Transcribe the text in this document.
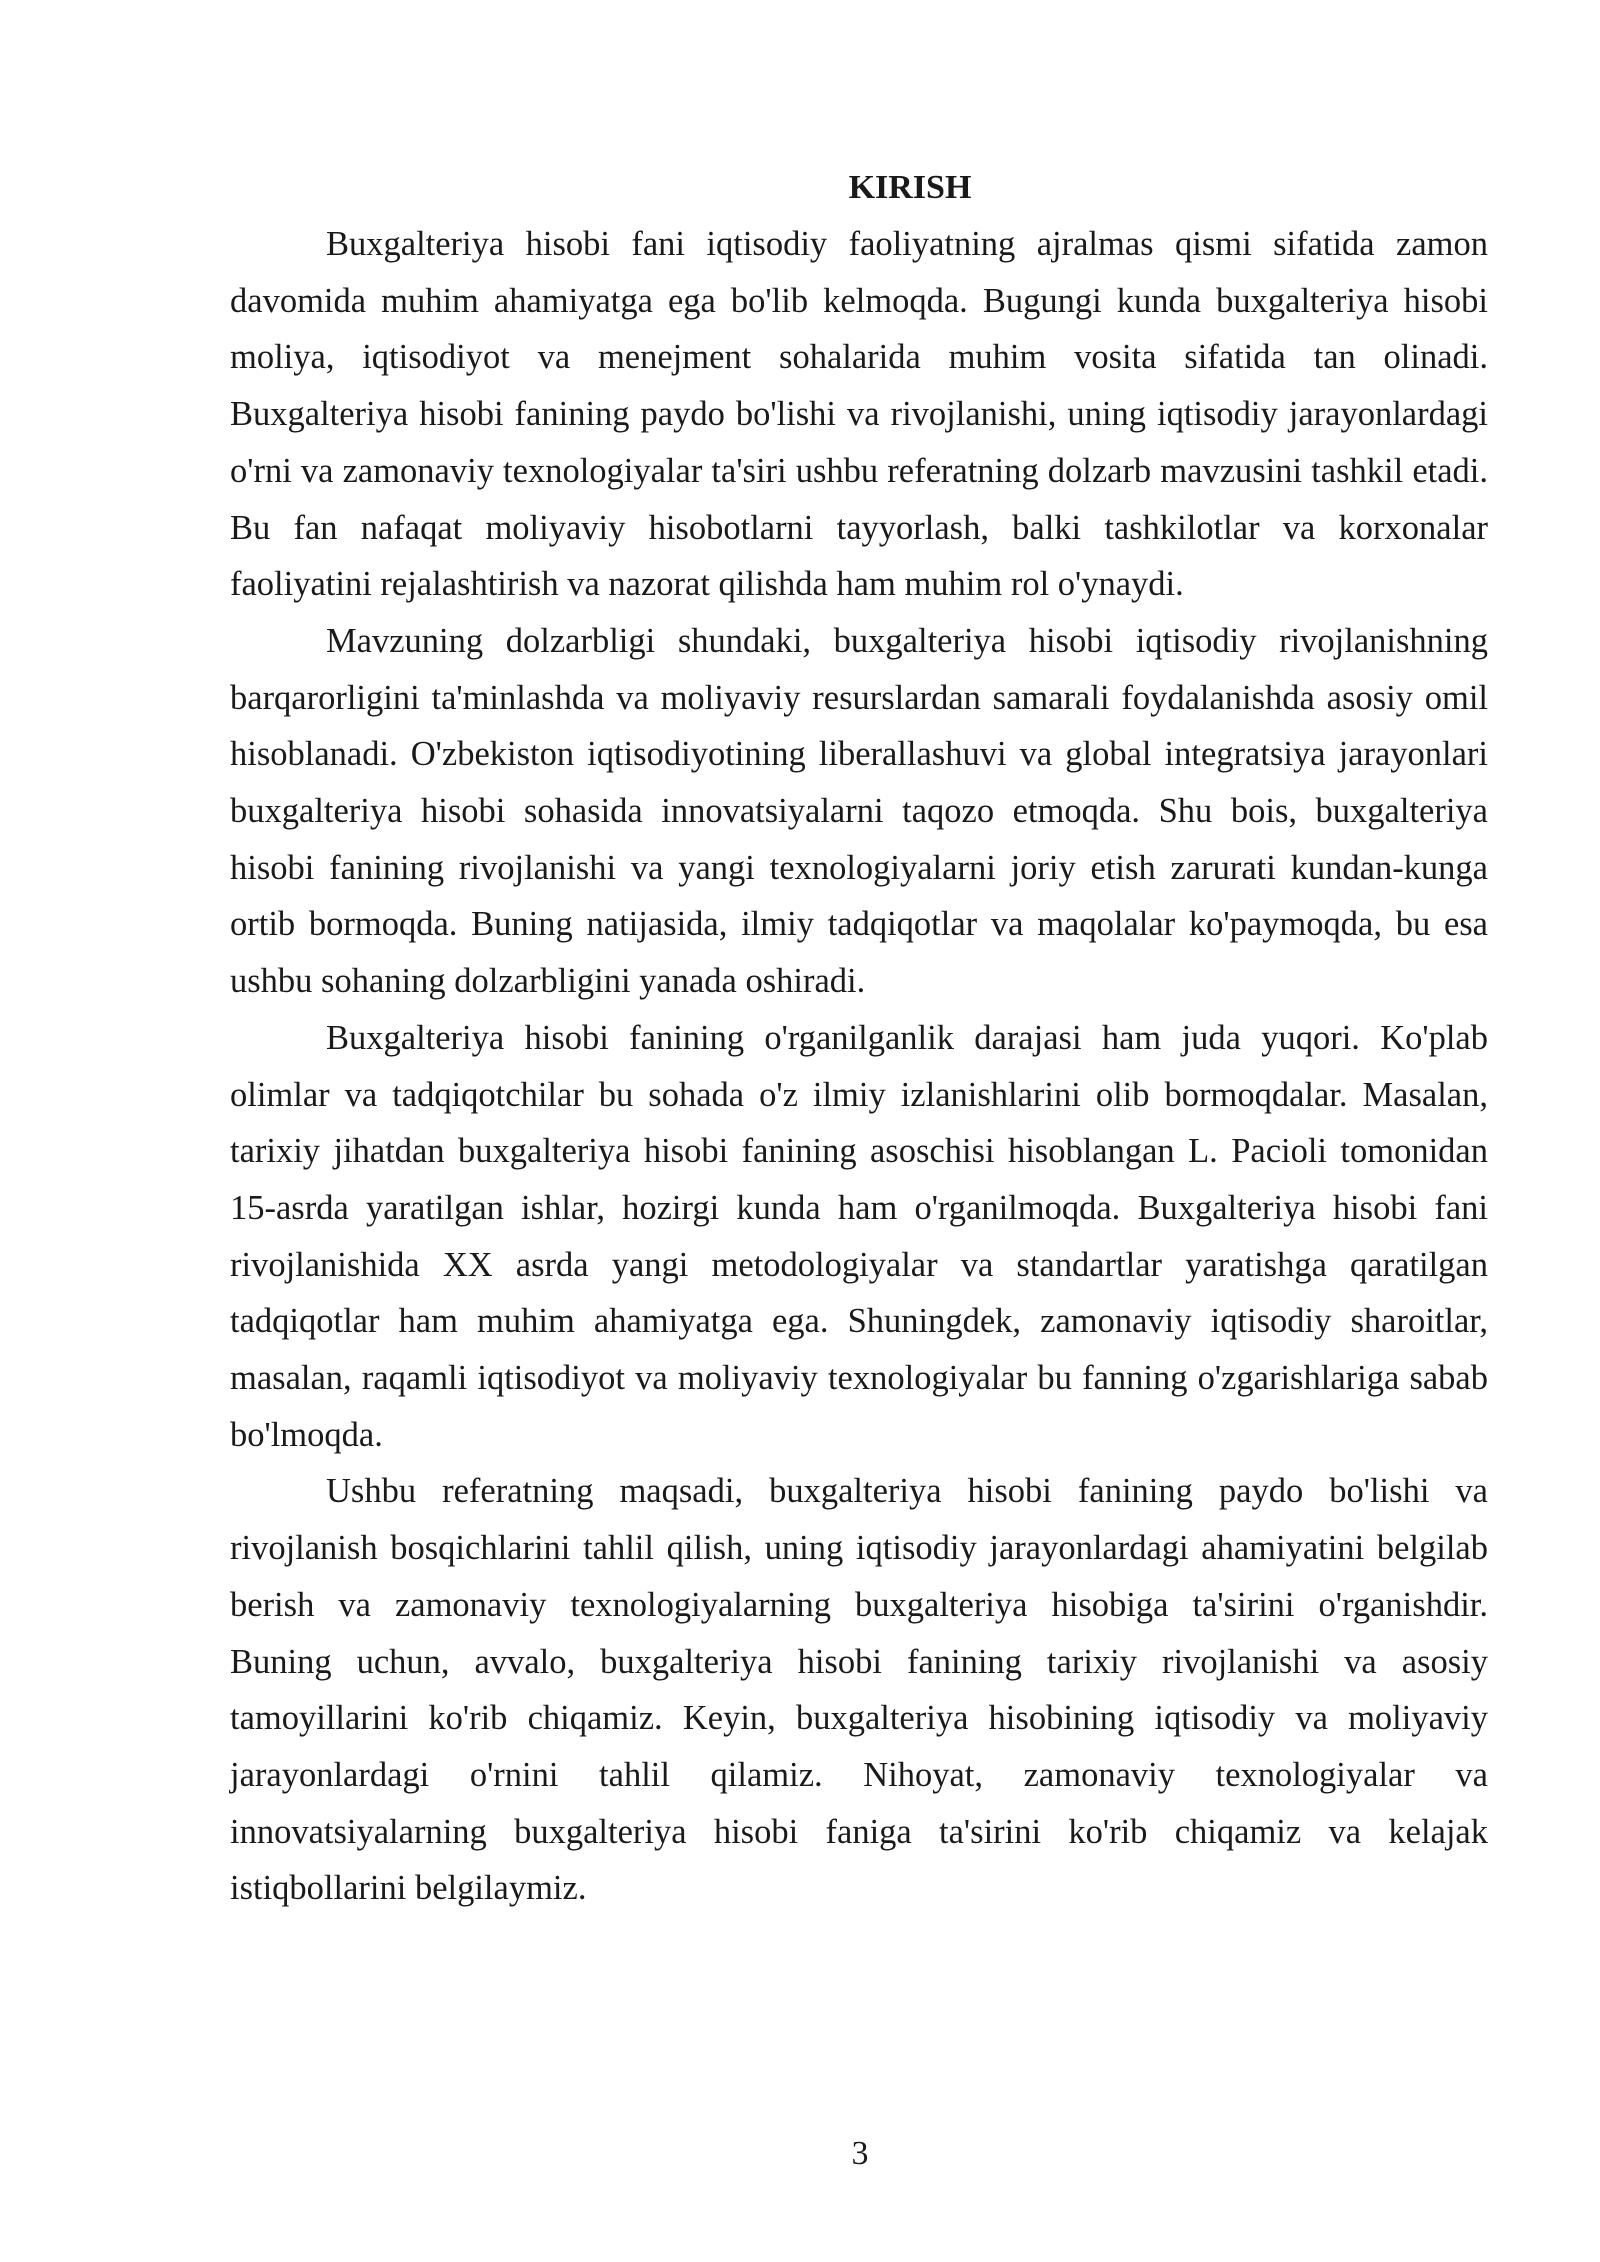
KIRISH

Buxgalteriya hisobi fani iqtisodiy faoliyatning ajralmas qismi sifatida zamon davomida muhim ahamiyatga ega bo'lib kelmoqda. Bugungi kunda buxgalteriya hisobi moliya, iqtisodiyot va menejment sohalarida muhim vosita sifatida tan olinadi. Buxgalteriya hisobi fanining paydo bo'lishi va rivojlanishi, uning iqtisodiy jarayonlardagi o'rni va zamonaviy texnologiyalar ta'siri ushbu referatning dolzarb mavzusini tashkil etadi. Bu fan nafaqat moliyaviy hisobotlarni tayyorlash, balki tashkilotlar va korxonalar faoliyatini rejalashtirish va nazorat qilishda ham muhim rol o'ynaydi.

Mavzuning dolzarbligi shundaki, buxgalteriya hisobi iqtisodiy rivojlanishning barqarorligini ta'minlashda va moliyaviy resurslardan samarali foydalanishda asosiy omil hisoblanadi. O'zbekiston iqtisodiyotining liberallashuvi va global integratsiya jarayonlari buxgalteriya hisobi sohasida innovatsiyalarni taqozo etmoqda. Shu bois, buxgalteriya hisobi fanining rivojlanishi va yangi texnologiyalarni joriy etish zarurati kundan-kunga ortib bormoqda. Buning natijasida, ilmiy tadqiqotlar va maqolalar ko'paymoqda, bu esa ushbu sohaning dolzarbligini yanada oshiradi.

Buxgalteriya hisobi fanining o'rganilganlik darajasi ham juda yuqori. Ko'plab olimlar va tadqiqotchilar bu sohada o'z ilmiy izlanishlarini olib bormoqdalar. Masalan, tarixiy jihatdan buxgalteriya hisobi fanining asoschisi hisoblangan L. Pacioli tomonidan 15-asrda yaratilgan ishlar, hozirgi kunda ham o'rganilmoqda. Buxgalteriya hisobi fani rivojlanishida XX asrda yangi metodologiyalar va standartlar yaratishga qaratilgan tadqiqotlar ham muhim ahamiyatga ega. Shuningdek, zamonaviy iqtisodiy sharoitlar, masalan, raqamli iqtisodiyot va moliyaviy texnologiyalar bu fanning o'zgarishlariga sabab bo'lmoqda.

Ushbu referatning maqsadi, buxgalteriya hisobi fanining paydo bo'lishi va rivojlanish bosqichlarini tahlil qilish, uning iqtisodiy jarayonlardagi ahamiyatini belgilab berish va zamonaviy texnologiyalarning buxgalteriya hisobiga ta'sirini o'rganishdir. Buning uchun, avvalo, buxgalteriya hisobi fanining tarixiy rivojlanishi va asosiy tamoyillarini ko'rib chiqamiz. Keyin, buxgalteriya hisobining iqtisodiy va moliyaviy jarayonlardagi o'rnini tahlil qilamiz. Nihoyat, zamonaviy texnologiyalar va innovatsiyalarning buxgalteriya hisobi faniga ta'sirini ko'rib chiqamiz va kelajak istiqbollarini belgilaymiz.

3
